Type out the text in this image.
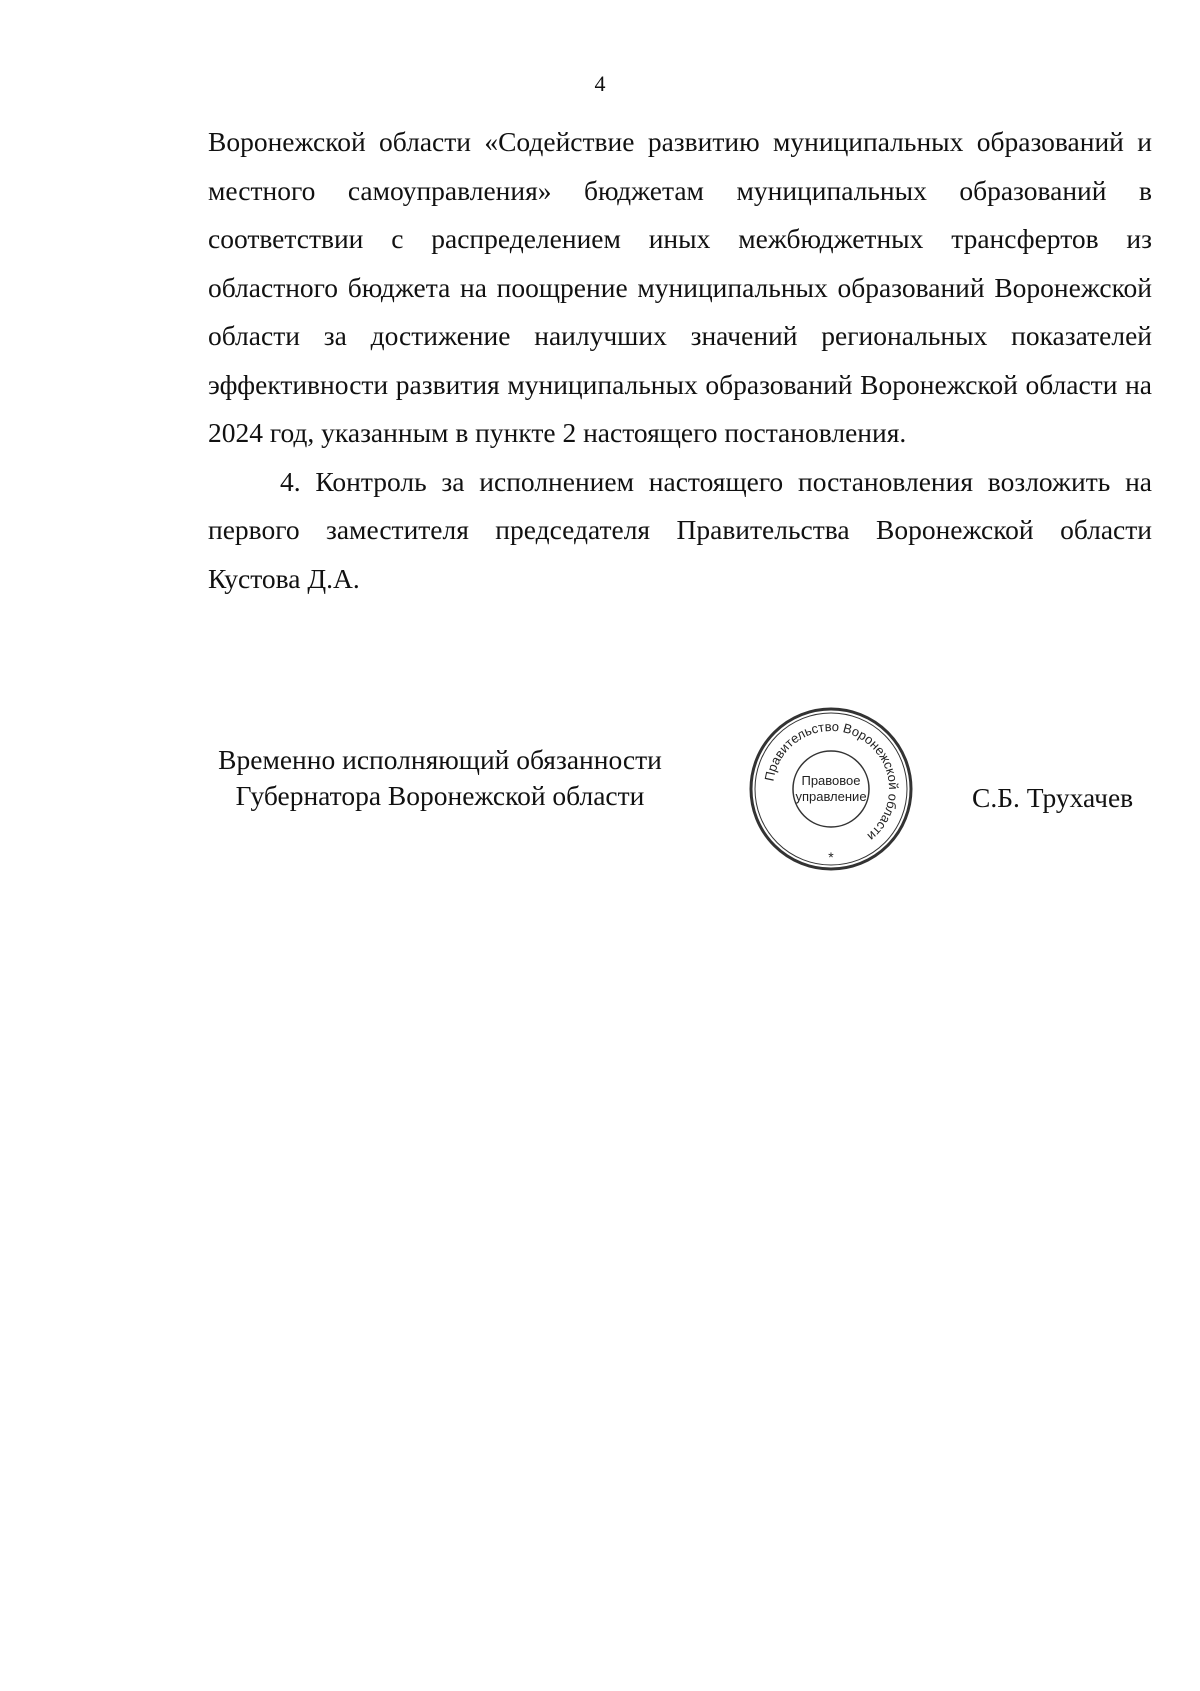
4

Воронежской области «Содействие развитию муниципальных образований и местного самоуправления» бюджетам муниципальных образований в соответствии с распределением иных межбюджетных трансфертов из областного бюджета на поощрение муниципальных образований Воронежской области за достижение наилучших значений региональных показателей эффективности развития муниципальных образований Воронежской области на 2024 год, указанным в пункте 2 настоящего постановления.

4. Контроль за исполнением настоящего постановления возложить на первого заместителя председателя Правительства Воронежской области Кустова Д.А.

Временно исполняющий обязанности
Губернатора Воронежской области
Правительство Воронежской области
Правовое
управление
*
С.Б. Трухачев
